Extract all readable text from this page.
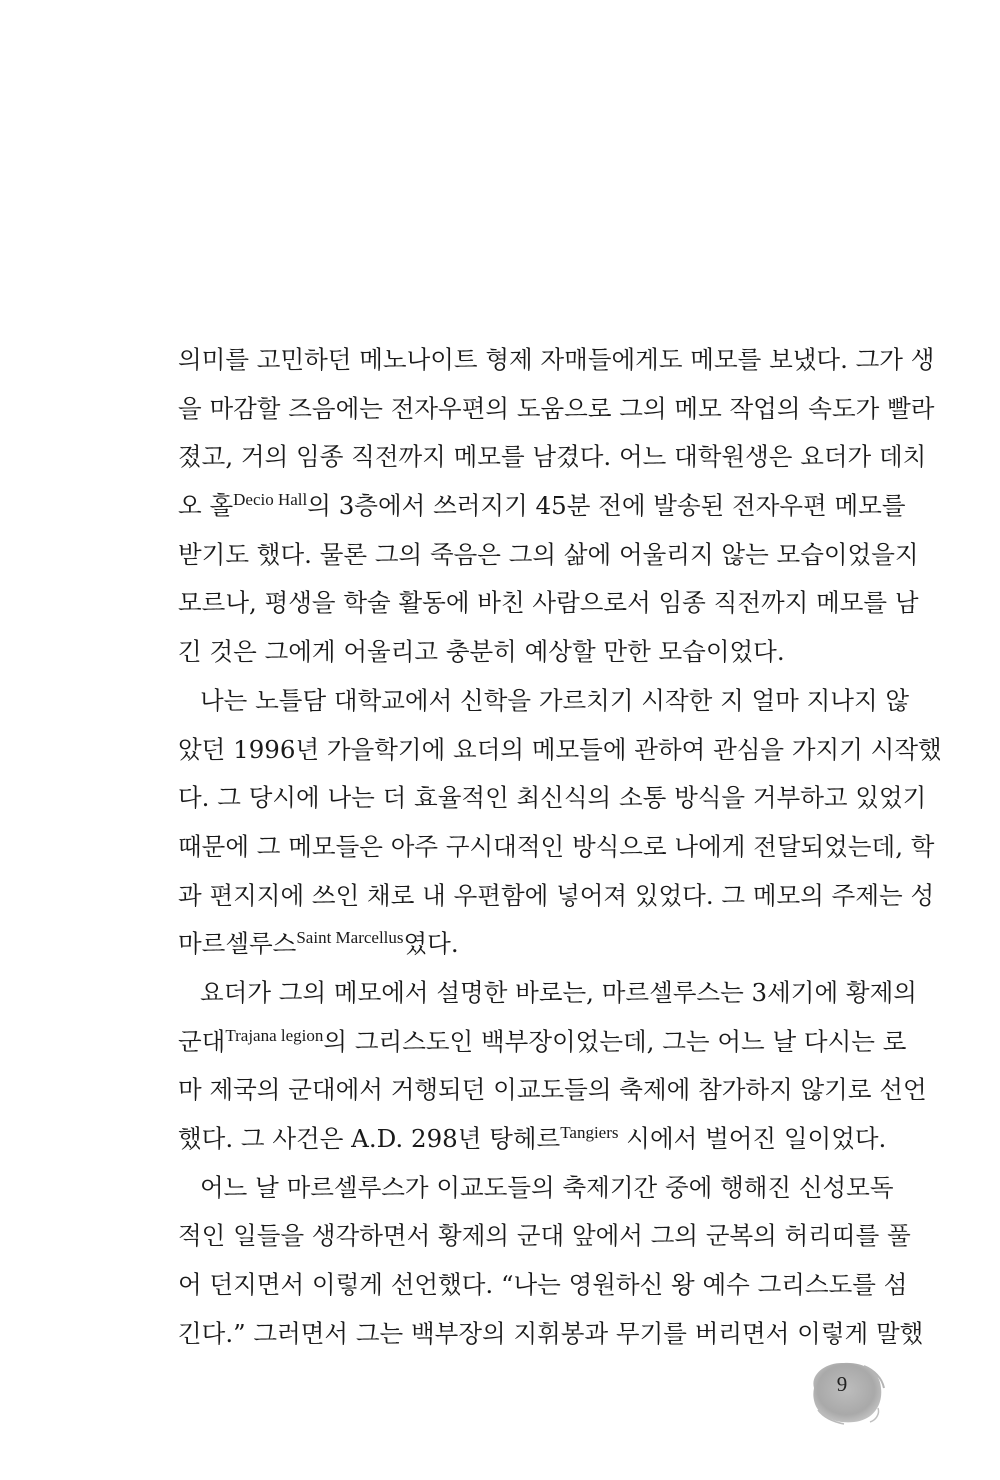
의미를 고민하던 메노나이트 형제 자매들에게도 메모를 보냈다. 그가 생
을 마감할 즈음에는 전자우편의 도움으로 그의 메모 작업의 속도가 빨라
졌고, 거의 임종 직전까지 메모를 남겼다. 어느 대학원생은 요더가 데치
오 홀$^{Decio Hall}$의 3층에서 쓰러지기 45분 전에 발송된 전자우편 메모를
받기도 했다. 물론 그의 죽음은 그의 삶에 어울리지 않는 모습이었을지
모르나, 평생을 학술 활동에 바친 사람으로서 임종 직전까지 메모를 남
긴 것은 그에게 어울리고 충분히 예상할 만한 모습이었다.
나는 노틀담 대학교에서 신학을 가르치기 시작한 지 얼마 지나지 않
았던 1996년 가을학기에 요더의 메모들에 관하여 관심을 가지기 시작했
다. 그 당시에 나는 더 효율적인 최신식의 소통 방식을 거부하고 있었기
때문에 그 메모들은 아주 구시대적인 방식으로 나에게 전달되었는데, 학
과 편지지에 쓰인 채로 내 우편함에 넣어져 있었다. 그 메모의 주제는 성
마르셀루스$^{Saint Marcellus}$였다.
요더가 그의 메모에서 설명한 바로는, 마르셀루스는 3세기에 황제의
군대$^{Trajana legion}$의 그리스도인 백부장이었는데, 그는 어느 날 다시는 로
마 제국의 군대에서 거행되던 이교도들의 축제에 참가하지 않기로 선언
했다. 그 사건은 A.D. 298년 탕헤르$^{Tangiers}$ 시에서 벌어진 일이었다.
어느 날 마르셀루스가 이교도들의 축제기간 중에 행해진 신성모독
적인 일들을 생각하면서 황제의 군대 앞에서 그의 군복의 허리띠를 풀
어 던지면서 이렇게 선언했다. “나는 영원하신 왕 예수 그리스도를 섬
긴다.” 그러면서 그는 백부장의 지휘봉과 무기를 버리면서 이렇게 말했
9
